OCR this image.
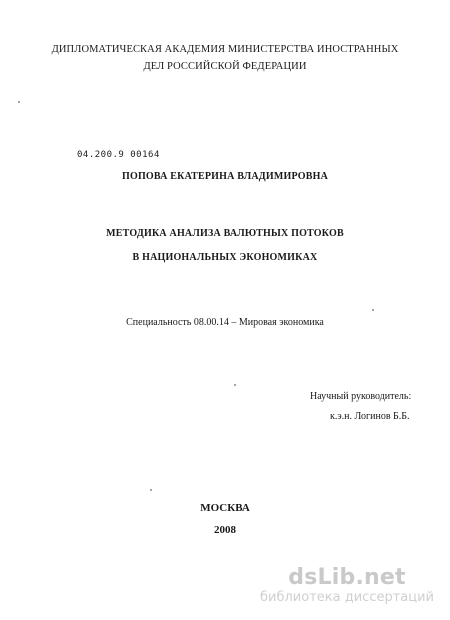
ДИПЛОМАТИЧЕСКАЯ АКАДЕМИЯ МИНИСТЕРСТВА ИНОСТРАННЫХ
ДЕЛ РОССИЙСКОЙ ФЕДЕРАЦИИ
04.200.9 00164
ПОПОВА ЕКАТЕРИНА ВЛАДИМИРОВНА
МЕТОДИКА АНАЛИЗА ВАЛЮТНЫХ ПОТОКОВ
В НАЦИОНАЛЬНЫХ ЭКОНОМИКАХ
Специальность 08.00.14 – Мировая экономика
Научный руководитель:
к.э.н. Логинов Б.Б.
МОСКВА
2008
dsLib.net
библиотека диссертаций
